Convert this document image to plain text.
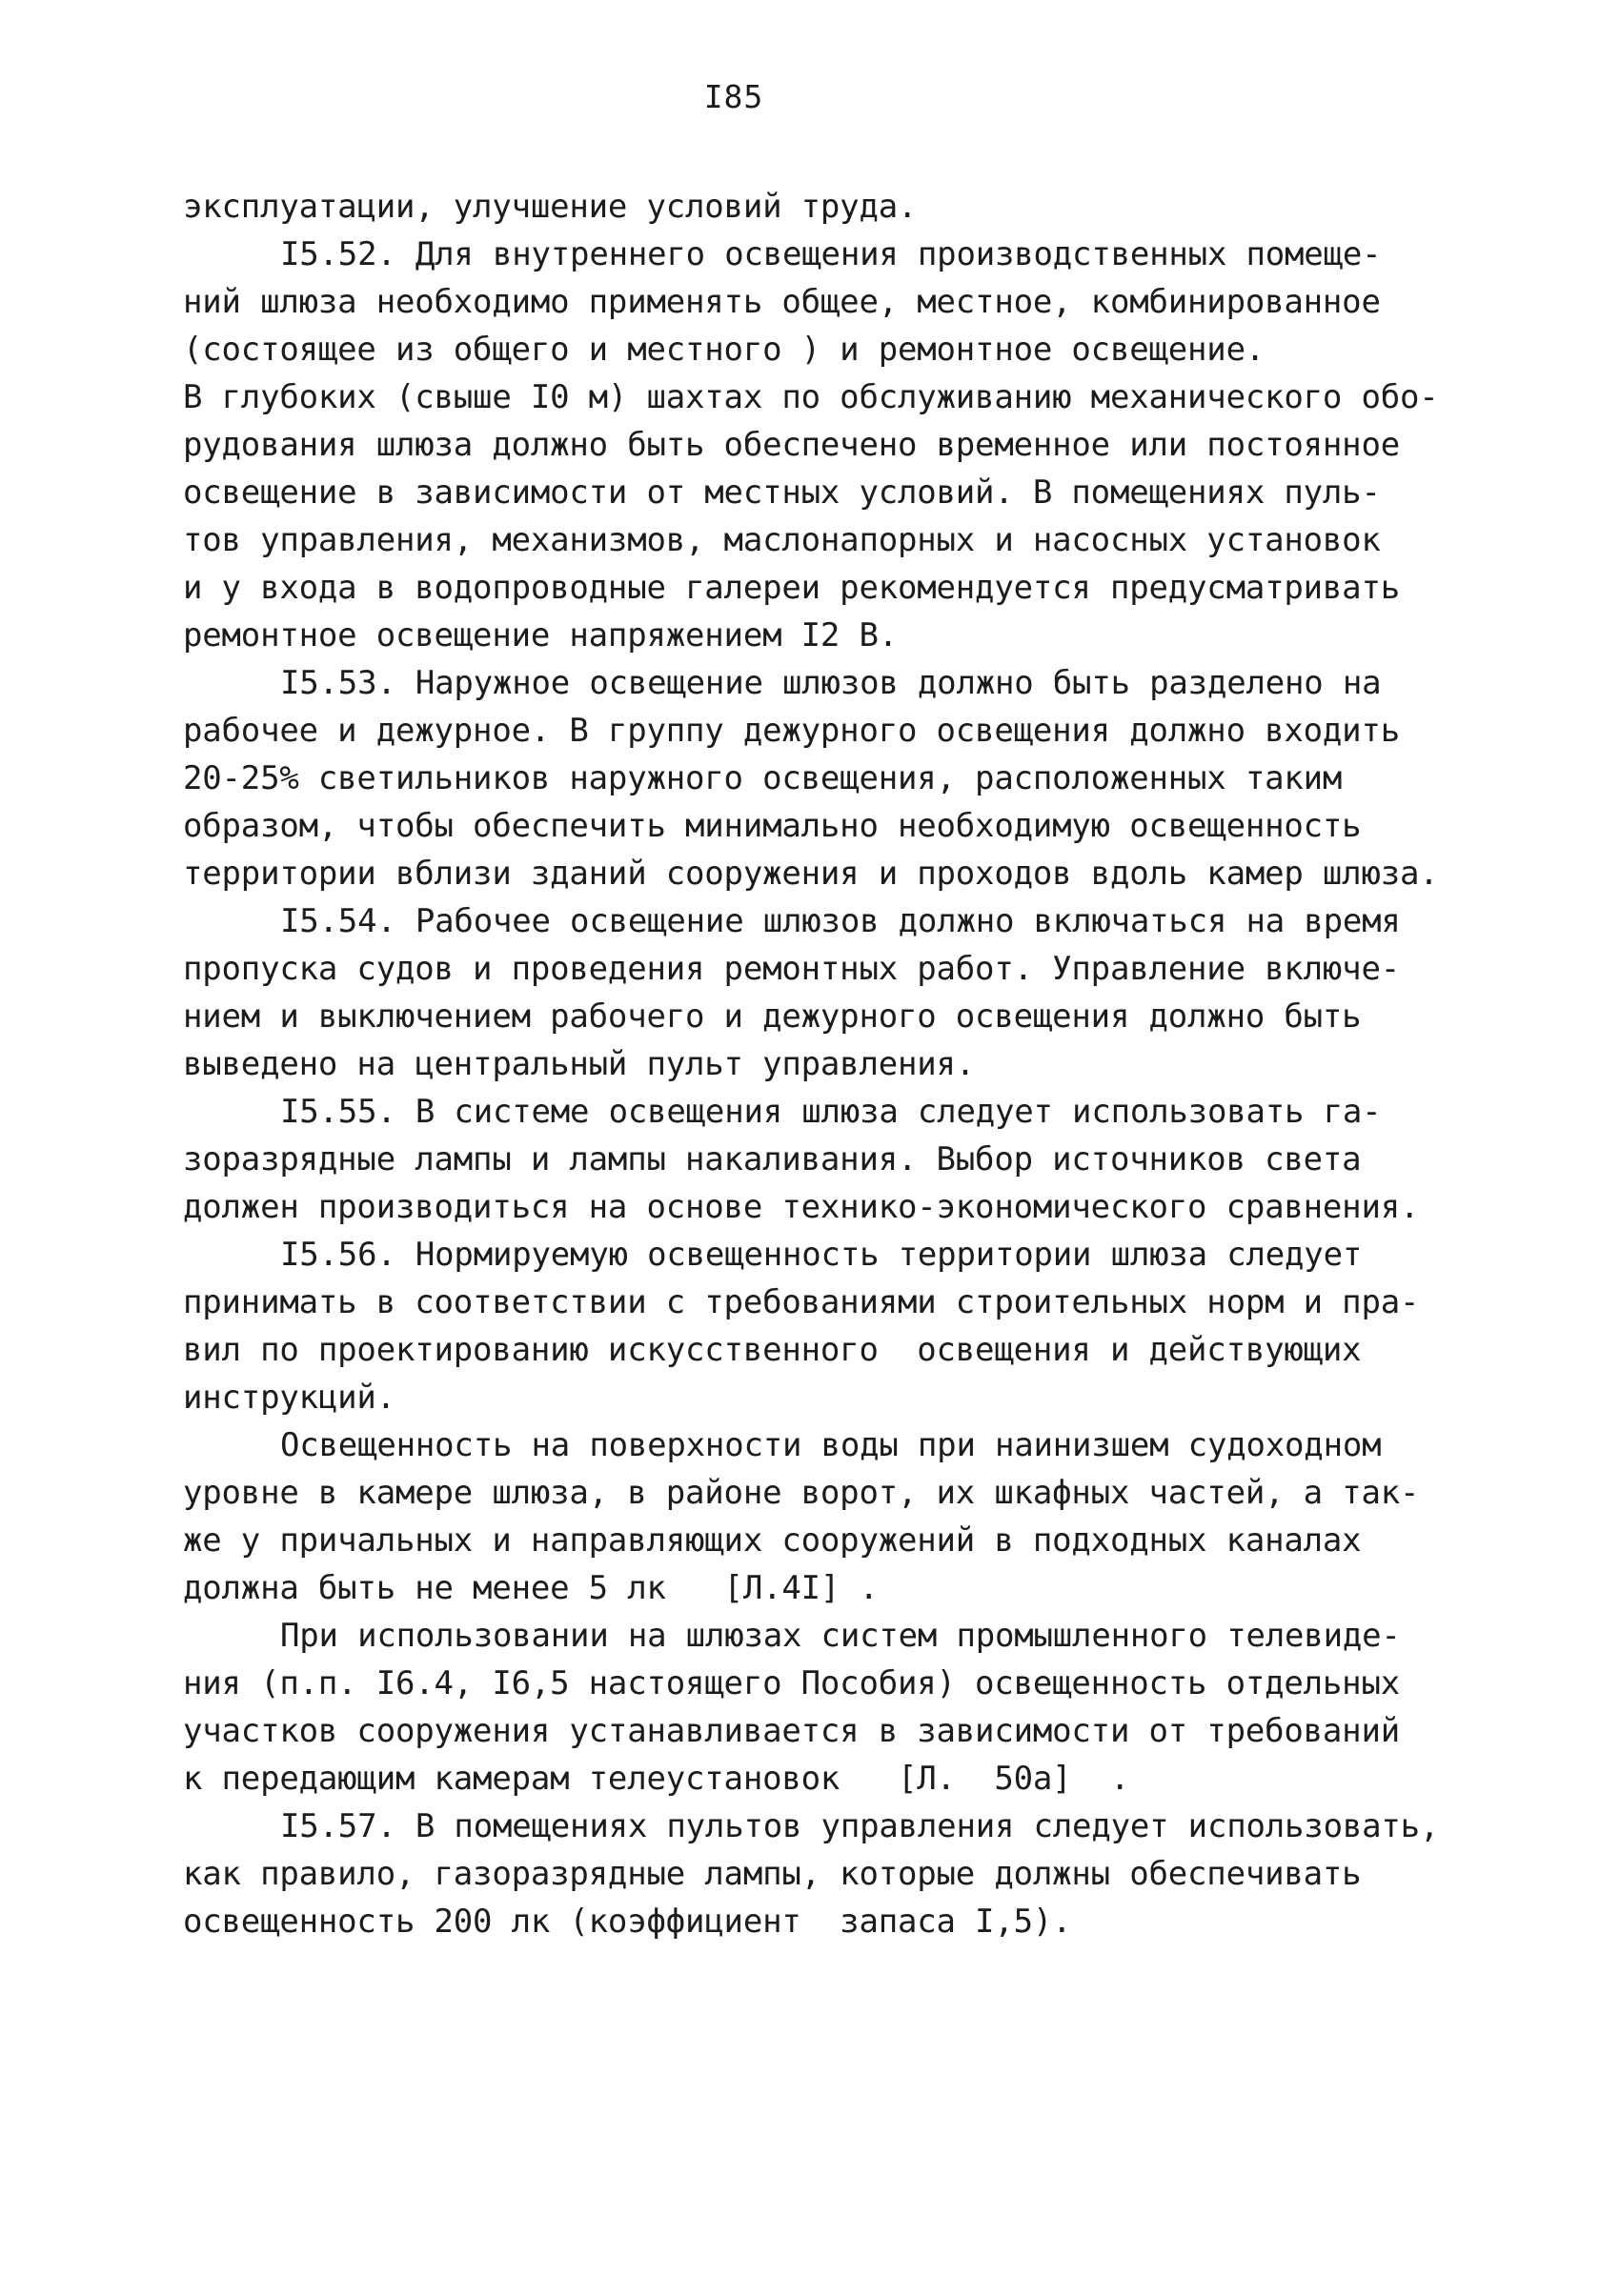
I85
эксплуатации, улучшение условий труда.
I5.52. Для внутреннего освещения производственных помеще-
ний шлюза необходимо применять общее, местное, комбинированное
(состоящее из общего и местного ) и ремонтное освещение.
В глубоких (свыше I0 м) шахтах по обслуживанию механического обо-
рудования шлюза должно быть обеспечено временное или постоянное
освещение в зависимости от местных условий. В помещениях пуль-
тов управления, механизмов, маслонапорных и насосных установок
и у входа в водопроводные галереи рекомендуется предусматривать
ремонтное освещение напряжением I2 В.
I5.53. Наружное освещение шлюзов должно быть разделено на
рабочее и дежурное. В группу дежурного освещения должно входить
20-25% светильников наружного освещения, расположенных таким
образом, чтобы обеспечить минимально необходимую освещенность
территории вблизи зданий сооружения и проходов вдоль камер шлюза.
I5.54. Рабочее освещение шлюзов должно включаться на время
пропуска судов и проведения ремонтных работ. Управление включе-
нием и выключением рабочего и дежурного освещения должно быть
выведено на центральный пульт управления.
I5.55. В системе освещения шлюза следует использовать га-
зоразрядные лампы и лампы накаливания. Выбор источников света
должен производиться на основе технико-экономического сравнения.
I5.56. Нормируемую освещенность территории шлюза следует
принимать в соответствии с требованиями строительных норм и пра-
вил по проектированию искусственного  освещения и действующих
инструкций.
Освещенность на поверхности воды при наинизшем судоходном
уровне в камере шлюза, в районе ворот, их шкафных частей, а так-
же у причальных и направляющих сооружений в подходных каналах
должна быть не менее 5 лк   [Л.4I] .
При использовании на шлюзах систем промышленного телевиде-
ния (п.п. I6.4, I6,5 настоящего Пособия) освещенность отдельных
участков сооружения устанавливается в зависимости от требований
к передающим камерам телеустановок   [Л.  50а]  .
I5.57. В помещениях пультов управления следует использовать,
как правило, газоразрядные лампы, которые должны обеспечивать
освещенность 200 лк (коэффициент  запаса I,5).
